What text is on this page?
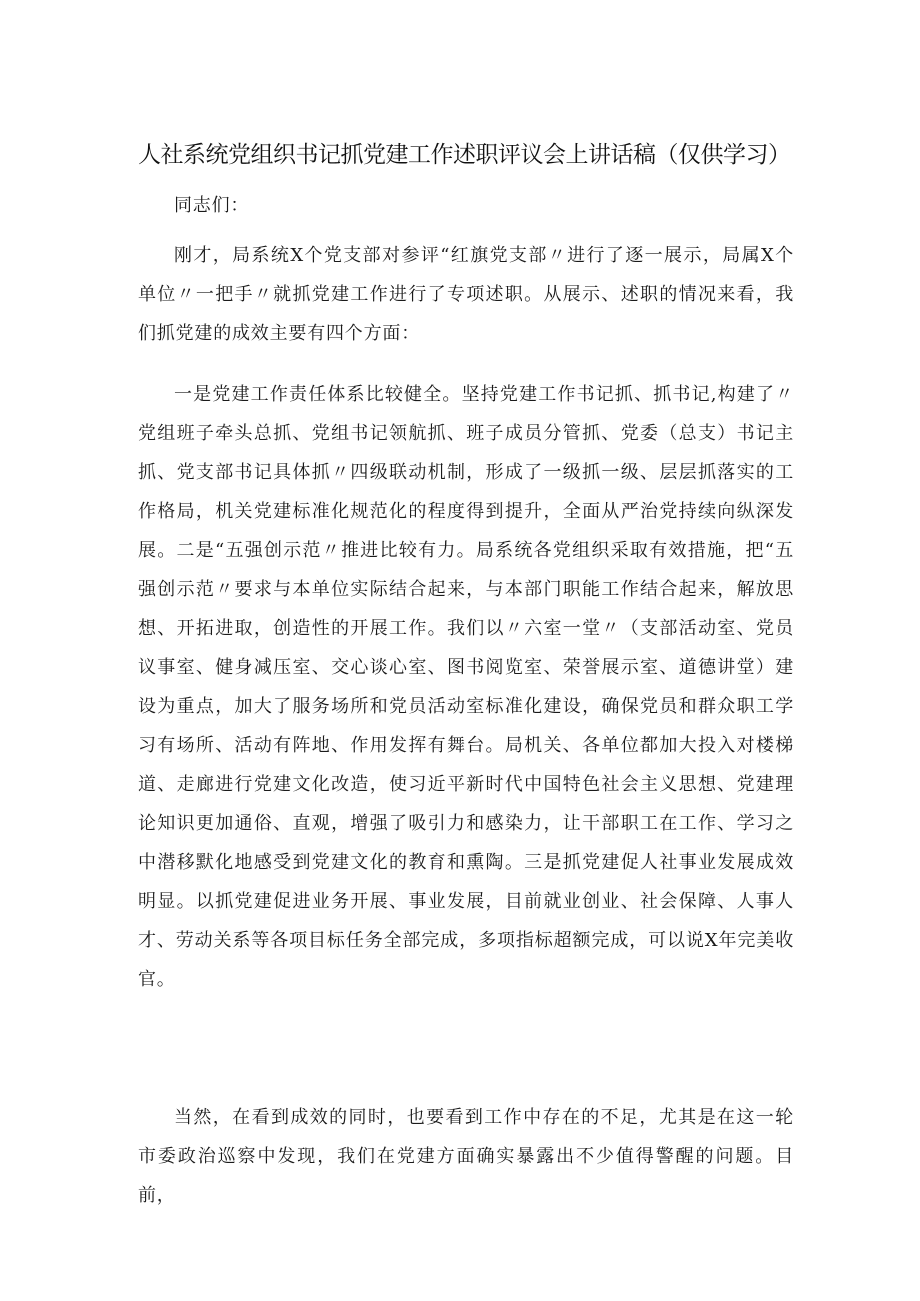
人社系统党组织书记抓党建工作述职评议会上讲话稿（仅供学习）

同志们：

刚才，局系统X个党支部对参评“红旗党支部〃进行了逐一展示，局属X个单位〃一把手〃就抓党建工作进行了专项述职。从展示、述职的情况来看，我们抓党建的成效主要有四个方面：

一是党建工作责任体系比较健全。坚持党建工作书记抓、抓书记,构建了〃党组班子牵头总抓、党组书记领航抓、班子成员分管抓、党委（总支）书记主抓、党支部书记具体抓〃四级联动机制，形成了一级抓一级、层层抓落实的工作格局，机关党建标准化规范化的程度得到提升，全面从严治党持续向纵深发展。二是“五强创示范〃推进比较有力。局系统各党组织采取有效措施，把“五强创示范〃要求与本单位实际结合起来，与本部门职能工作结合起来，解放思想、开拓进取，创造性的开展工作。我们以〃六室一堂〃（支部活动室、党员议事室、健身减压室、交心谈心室、图书阅览室、荣誉展示室、道德讲堂）建设为重点，加大了服务场所和党员活动室标准化建设，确保党员和群众职工学习有场所、活动有阵地、作用发挥有舞台。局机关、各单位都加大投入对楼梯道、走廊进行党建文化改造，使习近平新时代中国特色社会主义思想、党建理论知识更加通俗、直观，增强了吸引力和感染力，让干部职工在工作、学习之中潜移默化地感受到党建文化的教育和熏陶。三是抓党建促人社事业发展成效明显。以抓党建促进业务开展、事业发展，目前就业创业、社会保障、人事人才、劳动关系等各项目标任务全部完成，多项指标超额完成，可以说X年完美收官。

当然，在看到成效的同时，也要看到工作中存在的不足，尤其是在这一轮市委政治巡察中发现，我们在党建方面确实暴露出不少值得警醒的问题。目前，
